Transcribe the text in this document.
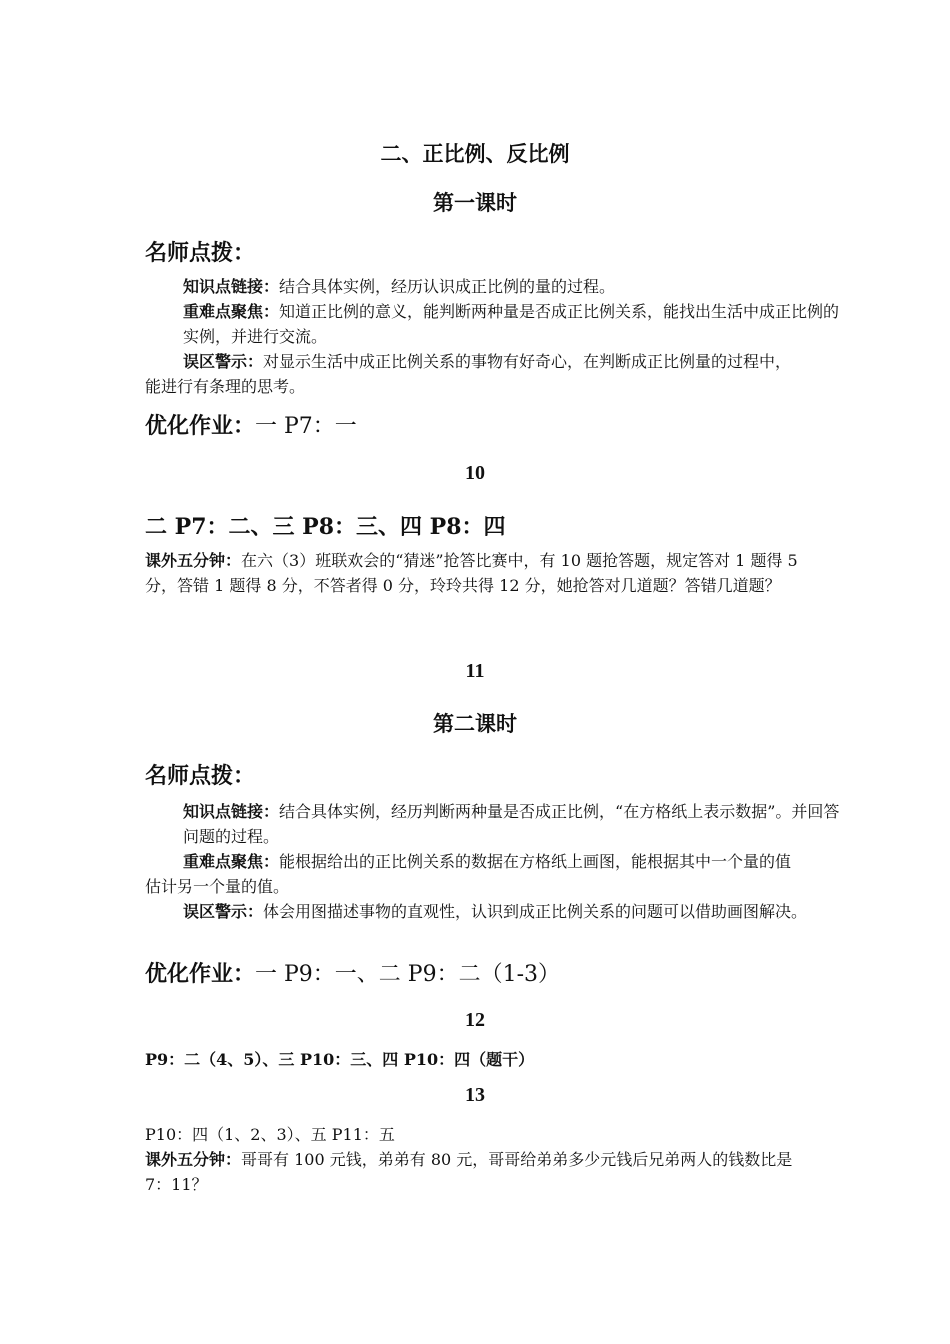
二、正比例、反比例
第一课时
名师点拨：
知识点链接：结合具体实例，经历认识成正比例的量的过程。
重难点聚焦：知道正比例的意义，能判断两种量是否成正比例关系，能找出生活中成正比例的实例，并进行交流。
误区警示：对显示生活中成正比例关系的事物有好奇心，在判断成正比例量的过程中，能进行有条理的思考。
优化作业：一 P7：一
10
二 P7：二、三 P8：三、四 P8：四
课外五分钟：在六（3）班联欢会的“猜迷”抢答比赛中，有 10 题抢答题，规定答对 1 题得 5 分，答错 1 题得 8 分，不答者得 0 分，玲玲共得 12 分，她抢答对几道题？答错几道题？
11
第二课时
名师点拨：
知识点链接：结合具体实例，经历判断两种量是否成正比例，“在方格纸上表示数据”。并回答问题的过程。
重难点聚焦：能根据给出的正比例关系的数据在方格纸上画图，能根据其中一个量的值估计另一个量的值。
误区警示：体会用图描述事物的直观性，认识到成正比例关系的问题可以借助画图解决。
优化作业：一 P9：一、二 P9：二（1-3）
12
P9：二（4、5）、三 P10：三、四 P10：四（题干）
13
P10：四（1、2、3）、五 P11：五
课外五分钟：哥哥有 100 元钱，弟弟有 80 元，哥哥给弟弟多少元钱后兄弟两人的钱数比是 7：11？
